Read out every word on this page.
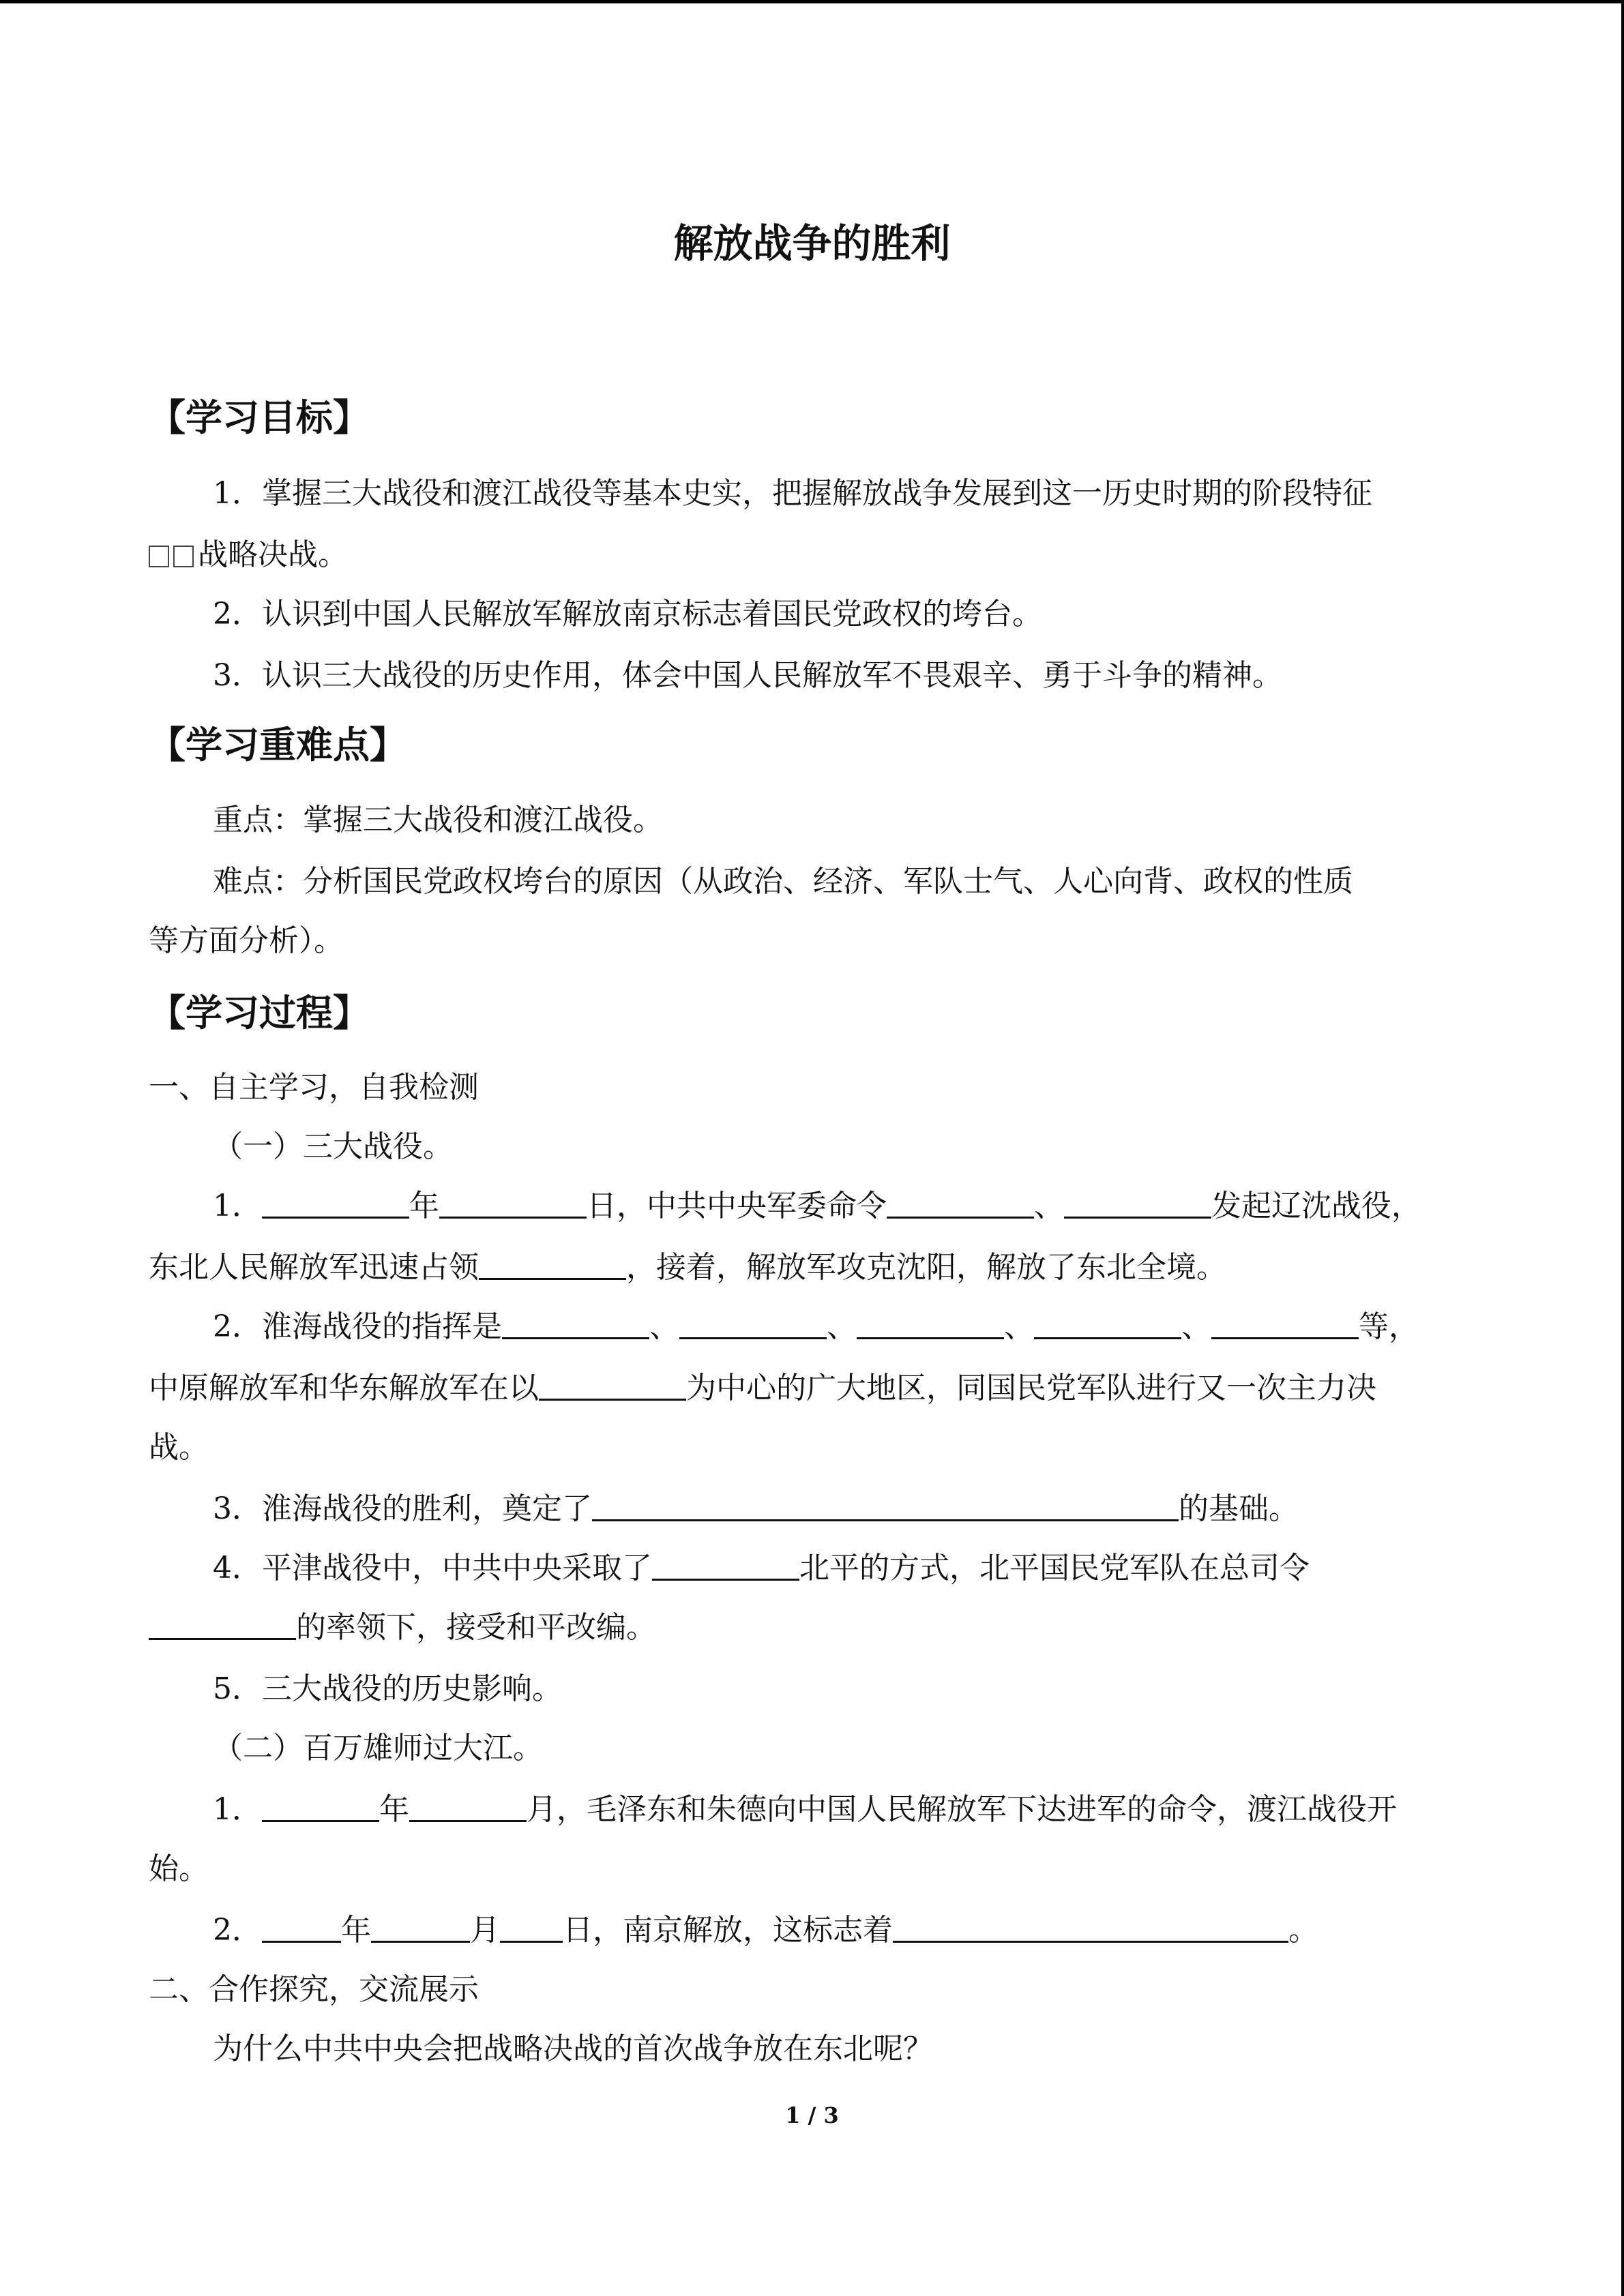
解放战争的胜利
【学习目标】
1．掌握三大战役和渡江战役等基本史实，把握解放战争发展到这一历史时期的阶段特征
战略决战。
2．认识到中国人民解放军解放南京标志着国民党政权的垮台。
3．认识三大战役的历史作用，体会中国人民解放军不畏艰辛、勇于斗争的精神。
【学习重难点】
重点：掌握三大战役和渡江战役。
难点：分析国民党政权垮台的原因（从政治、经济、军队士气、人心向背、政权的性质
等方面分析）。
【学习过程】
一、自主学习，自我检测
（一）三大战役。
1．	年	日，中共中央军委命令	、	发起辽沈战役，
东北人民解放军迅速占领	，接着，解放军攻克沈阳，解放了东北全境。
2．淮海战役的指挥是	、	、	、	、	等，
中原解放军和华东解放军在以	为中心的广大地区，同国民党军队进行又一次主力决
战。
3．淮海战役的胜利，奠定了	的基础。
4．平津战役中，中共中央采取了	北平的方式，北平国民党军队在总司令
的率领下，接受和平改编。
5．三大战役的历史影响。
（二）百万雄师过大江。
1．	年	月，毛泽东和朱德向中国人民解放军下达进军的命令，渡江战役开
始。
2．	年	月 日，南京解放，这标志着	。
二、合作探究，交流展示
为什么中共中央会把战略决战的首次战争放在东北呢？
1 / 3
